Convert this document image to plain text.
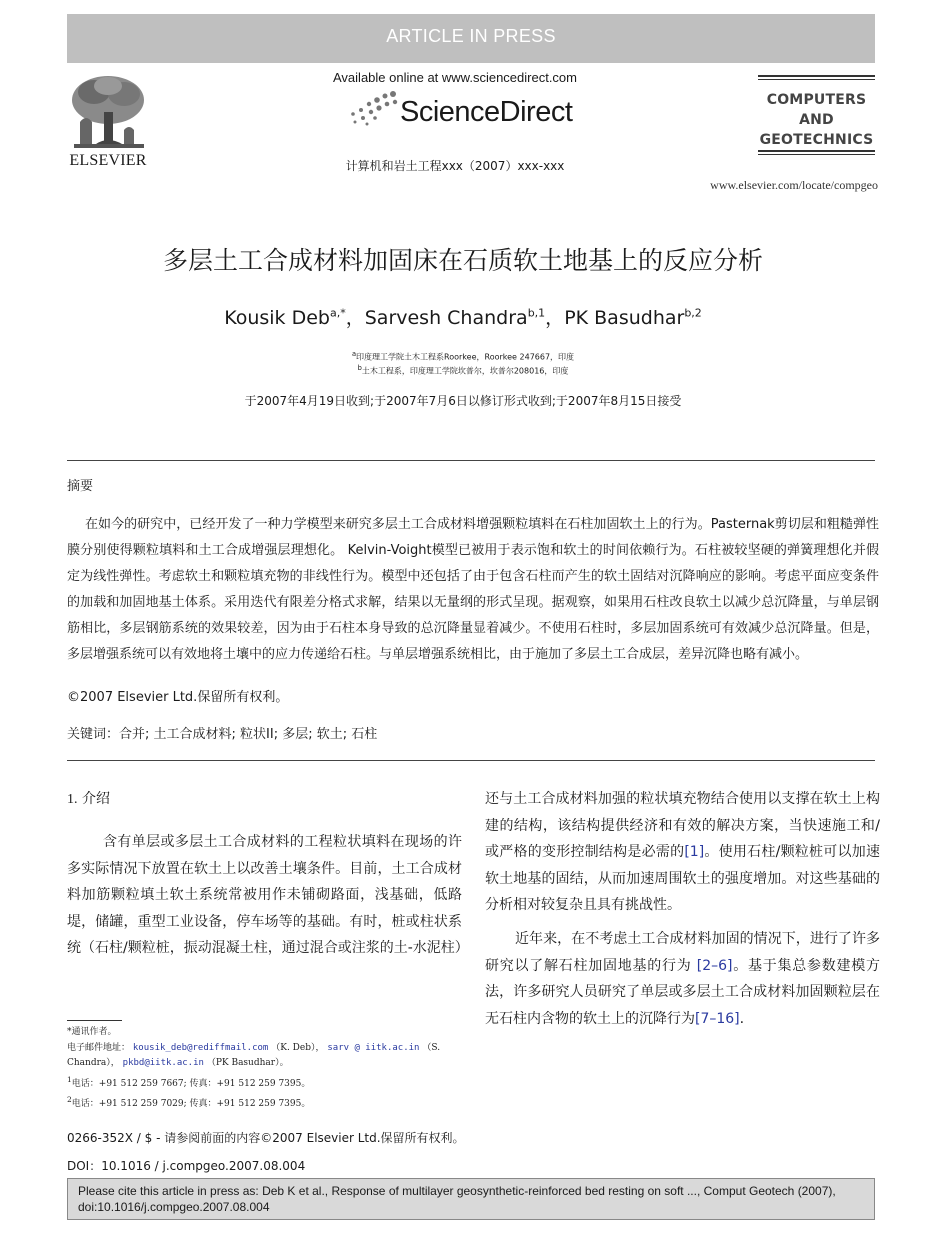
ARTICLE IN PRESS
ELSEVIER
Available online at www.sciencedirect.com
ScienceDirect
计算机和岩土工程xxx（2007）xxx-xxx
COMPUTERS
AND
GEOTECHNICS
www.elsevier.com/locate/compgeo
多层土工合成材料加固床在石质软土地基上的反应分析
Kousik Deb$^{a,*}$，Sarvesh Chandra$^{b,1}$，PK Basudhar$^{b,2}$
$^a$印度理工学院土木工程系Roorkee，Roorkee 247667，印度
$^b$土木工程系，印度理工学院坎普尔，坎普尔208016，印度
于2007年4月19日收到;于2007年7月6日以修订形式收到;于2007年8月15日接受
摘要
在如今的研究中，已经开发了一种力学模型来研究多层土工合成材料增强颗粒填料在石柱加固软土上的行为。Pasternak剪切层和粗糙弹性膜分别使得颗粒填料和土工合成增强层理想化。 Kelvin-Voight模型已被用于表示饱和软土的时间依赖行为。石柱被较坚硬的弹簧理想化并假定为线性弹性。考虑软土和颗粒填充物的非线性行为。模型中还包括了由于包含石柱而产生的软土固结对沉降响应的影响。考虑平面应变条件的加载和加固地基土体系。采用迭代有限差分格式求解，结果以无量纲的形式呈现。据观察，如果用石柱改良软土以减少总沉降量，与单层钢筋相比，多层钢筋系统的效果较差，因为由于石柱本身导致的总沉降量显着减少。不使用石柱时，多层加固系统可有效减少总沉降量。但是，多层增强系统可以有效地将土壤中的应力传递给石柱。与单层增强系统相比，由于施加了多层土工合成层，差异沉降也略有减小。
©2007 Elsevier Ltd.保留所有权利。
关键词：合并; 土工合成材料; 粒状II; 多层; 软土; 石柱
1. 介绍
含有单层或多层土工合成材料的工程粒状填料在现场的许多实际情况下放置在软土上以改善土壤条件。目前，土工合成材料加筋颗粒填土软土系统常被用作未铺砌路面，浅基础，低路堤，储罐，重型工业设备，停车场等的基础。有时，桩或柱状系统（石柱/颗粒桩，振动混凝土柱，通过混合或注浆的土-水泥柱）
还与土工合成材料加强的粒状填充物结合使用以支撑在软土上构建的结构，该结构提供经济和有效的解决方案，当快速施工和/或严格的变形控制结构是必需的[1]。使用石柱/颗粒桩可以加速软土地基的固结，从而加速周围软土的强度增加。对这些基础的分析相对较复杂且具有挑战性。
近年来，在不考虑土工合成材料加固的情况下，进行了许多研究以了解石柱加固地基的行为 [2–6]。基于集总参数建模方法，许多研究人员研究了单层或多层土工合成材料加固颗粒层在无石柱内含物的软土上的沉降行为[7–16].
*通讯作者。
电子邮件地址： kousik_deb@rediffmail.com （K. Deb）， sarv @ iitk.ac.in （S. Chandra）， pkbd@iitk.ac.in （PK Basudhar）。
$^1$电话：+91 512 259 7667; 传真：+91 512 259 7395。
$^2$电话：+91 512 259 7029; 传真：+91 512 259 7395。
0266-352X / $ - 请参阅前面的内容©2007 Elsevier Ltd.保留所有权利。 DOI：10.1016 / j.compgeo.2007.08.004
Please cite this article in press as: Deb K et al., Response of multilayer geosynthetic-reinforced bed resting on soft ..., Comput Geotech (2007), doi:10.1016/j.compgeo.2007.08.004
